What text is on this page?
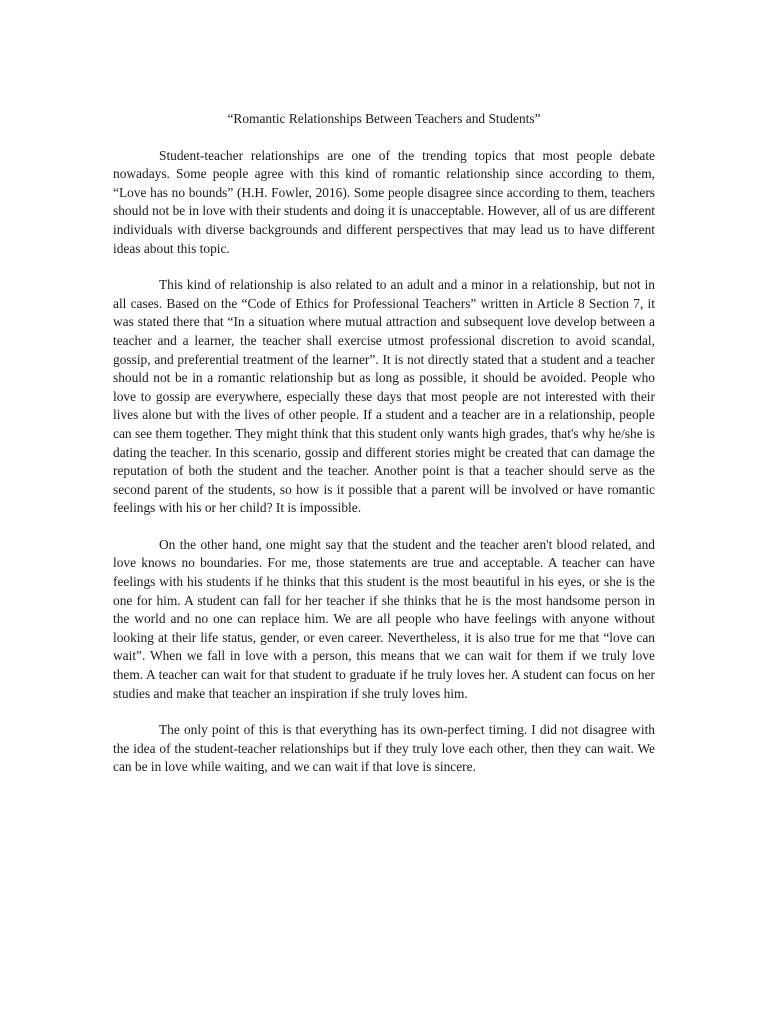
“Romantic Relationships Between Teachers and Students”

Student-teacher relationships are one of the trending topics that most people debate nowadays. Some people agree with this kind of romantic relationship since according to them, “Love has no bounds” (H.H. Fowler, 2016). Some people disagree since according to them, teachers should not be in love with their students and doing it is unacceptable. However, all of us are different individuals with diverse backgrounds and different perspectives that may lead us to have different ideas about this topic.

This kind of relationship is also related to an adult and a minor in a relationship, but not in all cases. Based on the “Code of Ethics for Professional Teachers” written in Article 8 Section 7, it was stated there that “In a situation where mutual attraction and subsequent love develop between a teacher and a learner, the teacher shall exercise utmost professional discretion to avoid scandal, gossip, and preferential treatment of the learner”. It is not directly stated that a student and a teacher should not be in a romantic relationship but as long as possible, it should be avoided. People who love to gossip are everywhere, especially these days that most people are not interested with their lives alone but with the lives of other people. If a student and a teacher are in a relationship, people can see them together. They might think that this student only wants high grades, that's why he/she is dating the teacher. In this scenario, gossip and different stories might be created that can damage the reputation of both the student and the teacher. Another point is that a teacher should serve as the second parent of the students, so how is it possible that a parent will be involved or have romantic feelings with his or her child? It is impossible.

On the other hand, one might say that the student and the teacher aren't blood related, and love knows no boundaries. For me, those statements are true and acceptable. A teacher can have feelings with his students if he thinks that this student is the most beautiful in his eyes, or she is the one for him. A student can fall for her teacher if she thinks that he is the most handsome person in the world and no one can replace him. We are all people who have feelings with anyone without looking at their life status, gender, or even career. Nevertheless, it is also true for me that “love can wait”. When we fall in love with a person, this means that we can wait for them if we truly love them. A teacher can wait for that student to graduate if he truly loves her. A student can focus on her studies and make that teacher an inspiration if she truly loves him.

The only point of this is that everything has its own-perfect timing. I did not disagree with the idea of the student-teacher relationships but if they truly love each other, then they can wait. We can be in love while waiting, and we can wait if that love is sincere.
